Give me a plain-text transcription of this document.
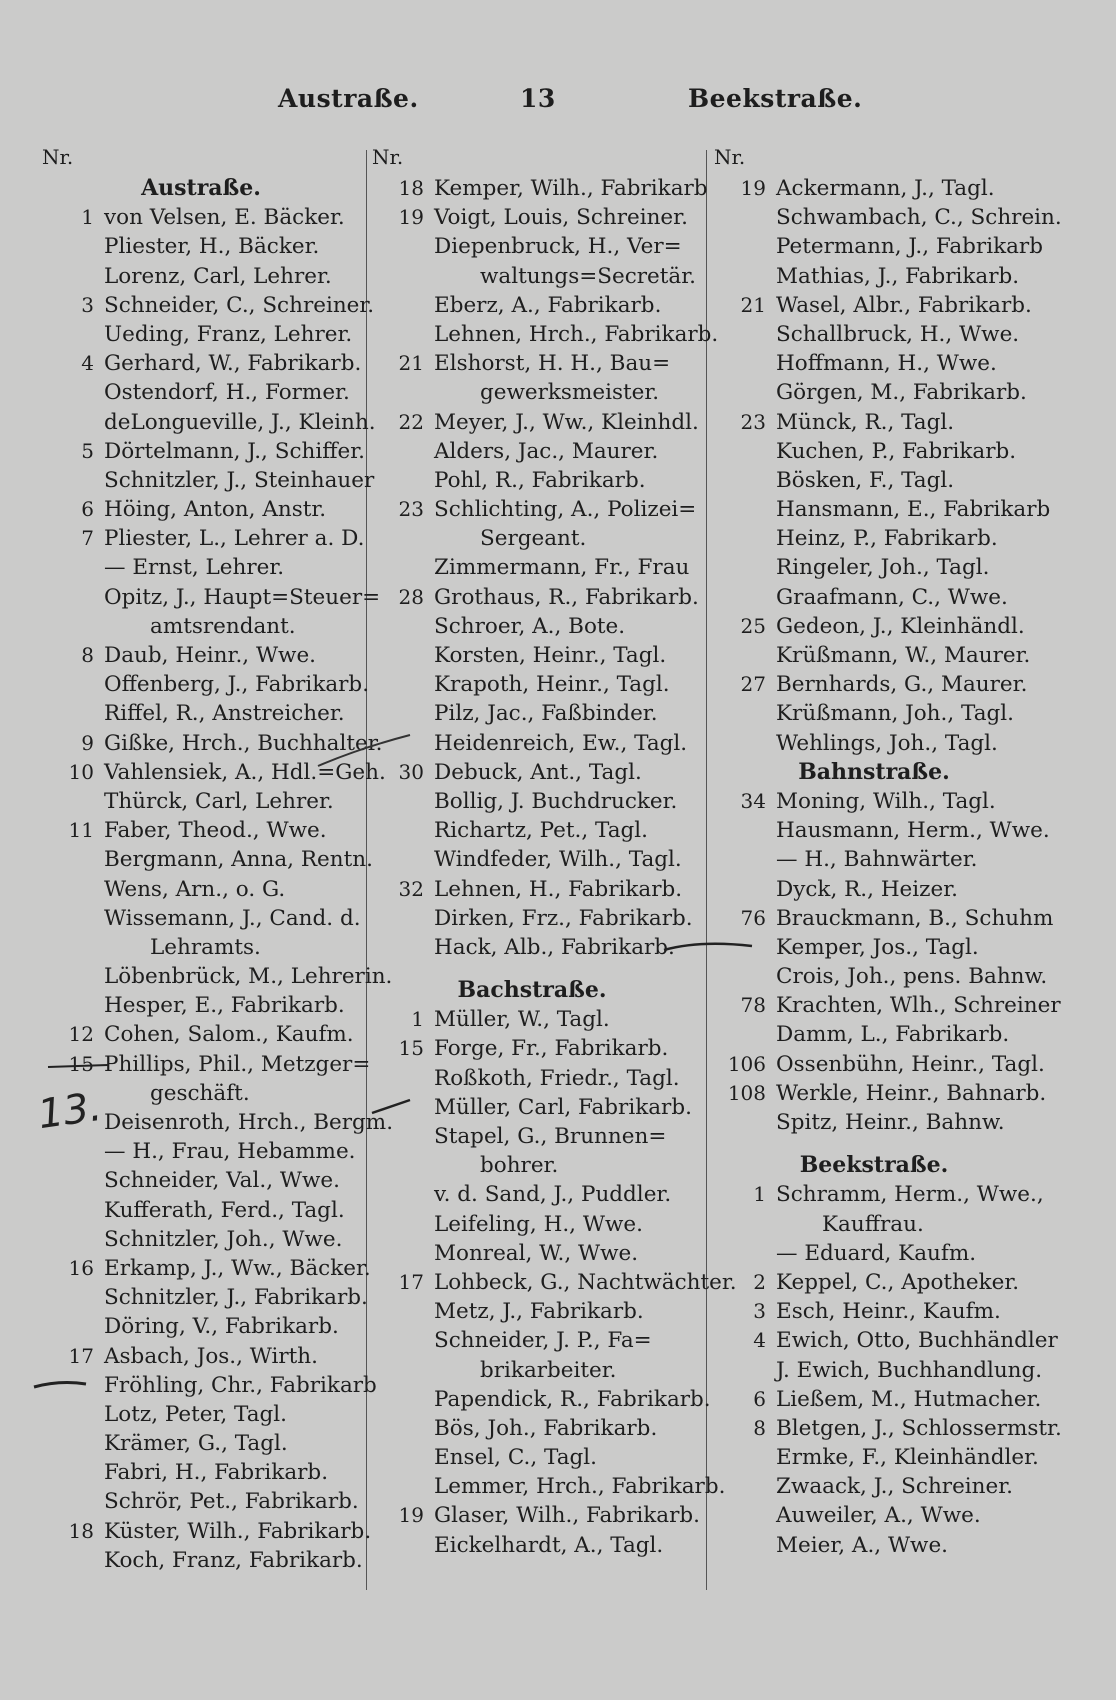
Austraße.	13	Beekstraße.
Nr.
Austraße.
1 von Velsen, E. Bäcker.
Pliester, H., Bäcker.
Lorenz, Carl, Lehrer.
3 Schneider, C., Schreiner.
Ueding, Franz, Lehrer.
4 Gerhard, W., Fabrikarb.
Ostendorf, H., Former.
deLongueville, J., Kleinh.
5 Dörtelmann, J., Schiffer.
Schnitzler, J., Steinhauer
6 Höing, Anton, Anstr.
7 Pliester, L., Lehrer a. D.
— Ernst, Lehrer.
Opitz, J., Haupt=Steuer=
amtsrendant.
8 Daub, Heinr., Wwe.
Offenberg, J., Fabrikarb.
Riffel, R., Anstreicher.
9 Gißke, Hrch., Buchhalter.
10 Vahlensiek, A., Hdl.=Geh.
Thürck, Carl, Lehrer.
11 Faber, Theod., Wwe.
Bergmann, Anna, Rentn.
Wens, Arn., o. G.
Wissemann, J., Cand. d.
Lehramts.
Löbenbrück, M., Lehrerin.
Hesper, E., Fabrikarb.
12 Cohen, Salom., Kaufm.
15 Phillips, Phil., Metzger=
geschäft.
Deisenroth, Hrch., Bergm.
— H., Frau, Hebamme.
Schneider, Val., Wwe.
Kufferath, Ferd., Tagl.
Schnitzler, Joh., Wwe.
16 Erkamp, J., Ww., Bäcker.
Schnitzler, J., Fabrikarb.
Döring, V., Fabrikarb.
17 Asbach, Jos., Wirth.
Fröhling, Chr., Fabrikarb
Lotz, Peter, Tagl.
Krämer, G., Tagl.
Fabri, H., Fabrikarb.
Schrör, Pet., Fabrikarb.
18 Küster, Wilh., Fabrikarb.
Koch, Franz, Fabrikarb.
Nr.
18 Kemper, Wilh., Fabrikarb
19 Voigt, Louis, Schreiner.
Diepenbruck, H., Ver=
waltungs=Secretär.
Eberz, A., Fabrikarb.
Lehnen, Hrch., Fabrikarb.
21 Elshorst, H. H., Bau=
gewerksmeister.
22 Meyer, J., Ww., Kleinhdl.
Alders, Jac., Maurer.
Pohl, R., Fabrikarb.
23 Schlichting, A., Polizei=
Sergeant.
Zimmermann, Fr., Frau
28 Grothaus, R., Fabrikarb.
Schroer, A., Bote.
Korsten, Heinr., Tagl.
Krapoth, Heinr., Tagl.
Pilz, Jac., Faßbinder.
Heidenreich, Ew., Tagl.
30 Debuck, Ant., Tagl.
Bollig, J. Buchdrucker.
Richartz, Pet., Tagl.
Windfeder, Wilh., Tagl.
32 Lehnen, H., Fabrikarb.
Dirken, Frz., Fabrikarb.
Hack, Alb., Fabrikarb.
Bachstraße.
1 Müller, W., Tagl.
15 Forge, Fr., Fabrikarb.
Roßkoth, Friedr., Tagl.
Müller, Carl, Fabrikarb.
Stapel, G., Brunnen=
bohrer.
v. d. Sand, J., Puddler.
Leifeling, H., Wwe.
Monreal, W., Wwe.
17 Lohbeck, G., Nachtwächter.
Metz, J., Fabrikarb.
Schneider, J. P., Fa=
brikarbeiter.
Papendick, R., Fabrikarb.
Bös, Joh., Fabrikarb.
Ensel, C., Tagl.
Lemmer, Hrch., Fabrikarb.
19 Glaser, Wilh., Fabrikarb.
Eickelhardt, A., Tagl.
Nr.
19 Ackermann, J., Tagl.
Schwambach, C., Schrein.
Petermann, J., Fabrikarb
Mathias, J., Fabrikarb.
21 Wasel, Albr., Fabrikarb.
Schallbruck, H., Wwe.
Hoffmann, H., Wwe.
Görgen, M., Fabrikarb.
23 Münck, R., Tagl.
Kuchen, P., Fabrikarb.
Bösken, F., Tagl.
Hansmann, E., Fabrikarb
Heinz, P., Fabrikarb.
Ringeler, Joh., Tagl.
Graafmann, C., Wwe.
25 Gedeon, J., Kleinhändl.
Krüßmann, W., Maurer.
27 Bernhards, G., Maurer.
Krüßmann, Joh., Tagl.
Wehlings, Joh., Tagl.
Bahnstraße.
34 Moning, Wilh., Tagl.
Hausmann, Herm., Wwe.
— H., Bahnwärter.
Dyck, R., Heizer.
76 Brauckmann, B., Schuhm
Kemper, Jos., Tagl.
Crois, Joh., pens. Bahnw.
78 Krachten, Wlh., Schreiner
Damm, L., Fabrikarb.
106 Ossenbühn, Heinr., Tagl.
108 Werkle, Heinr., Bahnarb.
Spitz, Heinr., Bahnw.
Beekstraße.
1 Schramm, Herm., Wwe.,
Kauffrau.
— Eduard, Kaufm.
2 Keppel, C., Apotheker.
3 Esch, Heinr., Kaufm.
4 Ewich, Otto, Buchhändler
J. Ewich, Buchhandlung.
6 Ließem, M., Hutmacher.
8 Bletgen, J., Schlossermstr.
Ermke, F., Kleinhändler.
Zwaack, J., Schreiner.
Auweiler, A., Wwe.
Meier, A., Wwe.
13.
